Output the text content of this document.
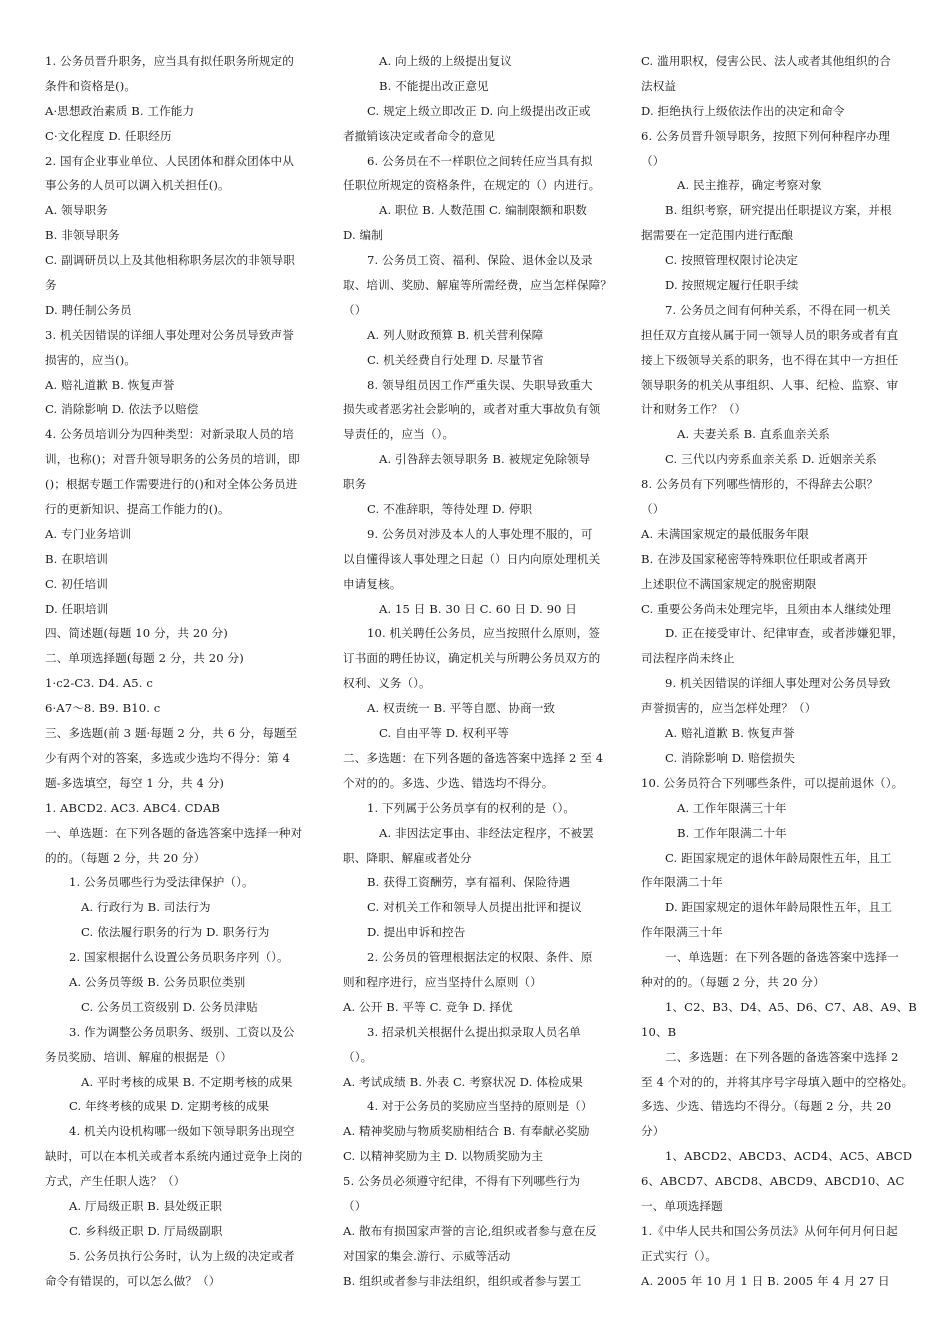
1. 公务员晋升职务，应当具有拟任职务所规定的
条件和资格是()。
A·思想政治素质 B. 工作能力
C·文化程度 D. 任职经历
2. 国有企业事业单位、人民团体和群众团体中从
事公务的人员可以调入机关担任()。
A. 领导职务
B. 非领导职务
C. 副调研员以上及其他相称职务层次的非领导职
务
D. 聘任制公务员
3. 机关因错误的详细人事处理对公务员导致声誉
损害的，应当()。
A. 赔礼道歉 B. 恢复声誉
C. 消除影响 D. 依法予以赔偿
4. 公务员培训分为四种类型：对新录取人员的培
训，也称()；对晋升领导职务的公务员的培训，即
()；根据专题工作需要进行的()和对全体公务员进
行的更新知识、提高工作能力的()。
A. 专门业务培训
B. 在职培训
C. 初任培训
D. 任职培训
四、简述题(每题 10 分，共 20 分)
二、单项选择题(每题 2 分，共 20 分)
1·c2-C3. D4. A5. c
6·A7～8. B9. B10. c
三、多选题(前 3 题·每题 2 分，共 6 分，每题至
少有两个对的答案，多选或少选均不得分：第 4
题-多选填空，每空 1 分，共 4 分)
1. ABCD2. AC3. ABC4. CDAB
一、单选题：在下列各题的备选答案中选择一种对
的的。（每题 2 分，共 20 分）
1. 公务员哪些行为受法律保护（）。
A. 行政行为 B. 司法行为
C. 依法履行职务的行为 D. 职务行为
2. 国家根据什么设置公务员职务序列（）。
A. 公务员等级 B. 公务员职位类别
C. 公务员工资级别 D. 公务员津贴
3. 作为调整公务员职务、级别、工资以及公
务员奖励、培训、解雇的根据是（）
A. 平时考核的成果 B. 不定期考核的成果
C. 年终考核的成果 D. 定期考核的成果
4. 机关内设机构哪一级如下领导职务出现空
缺时，可以在本机关或者本系统内通过竞争上岗的
方式，产生任职人选？（）
A. 厅局级正职 B. 县处级正职
C. 乡科级正职 D. 厅局级副职
5. 公务员执行公务时，认为上级的决定或者
命令有错误的，可以怎么做？（）
A. 向上级的上级提出复议
B. 不能提出改正意见
C. 规定上级立即改正 D. 向上级提出改正或
者撤销该决定或者命令的意见
6. 公务员在不一样职位之间转任应当具有拟
任职位所规定的资格条件，在规定的（）内进行。
A. 职位 B. 人数范围 C. 编制限额和职数
D. 编制
7. 公务员工资、福利、保险、退休金以及录
取、培训、奖励、解雇等所需经费，应当怎样保障？
（）
A. 列人财政预算 B. 机关营利保障
C. 机关经费自行处理 D. 尽量节省
8. 领导组员因工作严重失误、失职导致重大
损失或者恶劣社会影响的，或者对重大事故负有领
导责任的，应当（）。
A. 引咎辞去领导职务 B. 被规定免除领导
职务
C. 不准辞职，等待处理 D. 停职
9. 公务员对涉及本人的人事处理不服的，可
以自懂得该人事处理之日起（）日内向原处理机关
申请复核。
A. 15 日 B. 30 日 C. 60 日 D. 90 日
10. 机关聘任公务员，应当按照什么原则，签
订书面的聘任协议，确定机关与所聘公务员双方的
权利、义务（）。
A. 权责统一 B. 平等自愿、协商一致
C. 自由平等 D. 权利平等
二、多选题：在下列各题的备选答案中选择 2 至 4
个对的的。多选、少选、错选均不得分。
1. 下列属于公务员享有的权利的是（）。
A. 非因法定事由、非经法定程序，不被罢
职、降职、解雇或者处分
B. 获得工资酬劳，享有福利、保险待遇
C. 对机关工作和领导人员提出批评和提议
D. 提出申诉和控告
2. 公务员的管理根据法定的权限、条件、原
则和程序进行，应当坚持什么原则（）
A. 公开 B. 平等 C. 竞争 D. 择优
3. 招录机关根据什么提出拟录取人员名单
（）。
A. 考试成绩 B. 外表 C. 考察状况 D. 体检成果
4. 对于公务员的奖励应当坚持的原则是（）
A. 精神奖励与物质奖励相结合 B. 有奉献必奖励
C. 以精神奖励为主 D. 以物质奖励为主
5. 公务员必须遵守纪律，不得有下列哪些行为
（）
A. 散布有损国家声誉的言论,组织或者参与意在反
对国家的集会.游行、示威等活动
B. 组织或者参与非法组织，组织或者参与罢工
C. 滥用职权，侵害公民、法人或者其他组织的合
法权益
D. 拒绝执行上级依法作出的决定和命令
6. 公务员晋升领导职务，按照下列何种程序办理
（）
A. 民主推荐，确定考察对象
B. 组织考察，研究提出任职提议方案，并根
据需要在一定范围内进行酝酿
C. 按照管理权限讨论决定
D. 按照规定履行任职手续
7. 公务员之间有何种关系，不得在同一机关
担任双方直接从属于同一领导人员的职务或者有直
接上下级领导关系的职务，也不得在其中一方担任
领导职务的机关从事组织、人事、纪检、监察、审
计和财务工作？（）
A. 夫妻关系 B. 直系血亲关系
C. 三代以内旁系血亲关系 D. 近姻亲关系
8. 公务员有下列哪些情形的，不得辞去公职？
（）
A. 未满国家规定的最低服务年限
B. 在涉及国家秘密等特殊职位任职或者离开
上述职位不满国家规定的脱密期限
C. 重要公务尚未处理完毕，且须由本人继续处理
D. 正在接受审计、纪律审查，或者涉嫌犯罪，
司法程序尚未终止
9. 机关因错误的详细人事处理对公务员导致
声誉损害的，应当怎样处理？（）
A. 赔礼道歉 B. 恢复声誉
C. 消除影响 D. 赔偿损失
10. 公务员符合下列哪些条件，可以提前退休（）。
A. 工作年限满三十年
B. 工作年限满二十年
C. 距国家规定的退休年龄局限性五年，且工
作年限满二十年
D. 距国家规定的退休年龄局限性五年，且工
作年限满三十年
一、单选题：在下列各题的备选答案中选择一
种对的的。（每题 2 分，共 20 分）
1、C2、B3、D4、A5、D6、C7、A8、A9、B
10、B
二、多选题：在下列各题的备选答案中选择 2
至 4 个对的的，并将其序号字母填入题中的空格处。
多选、少选、错选均不得分。（每题 2 分，共 20
分）
1、ABCD2、ABCD3、ACD4、AC5、ABCD
6、ABCD7、ABCD8、ABCD9、ABCD10、AC
一、单项选择题
1.《中华人民共和国公务员法》从何年何月何日起
正式实行（）。
A. 2005 年 10 月 1 日 B. 2005 年 4 月 27 日
